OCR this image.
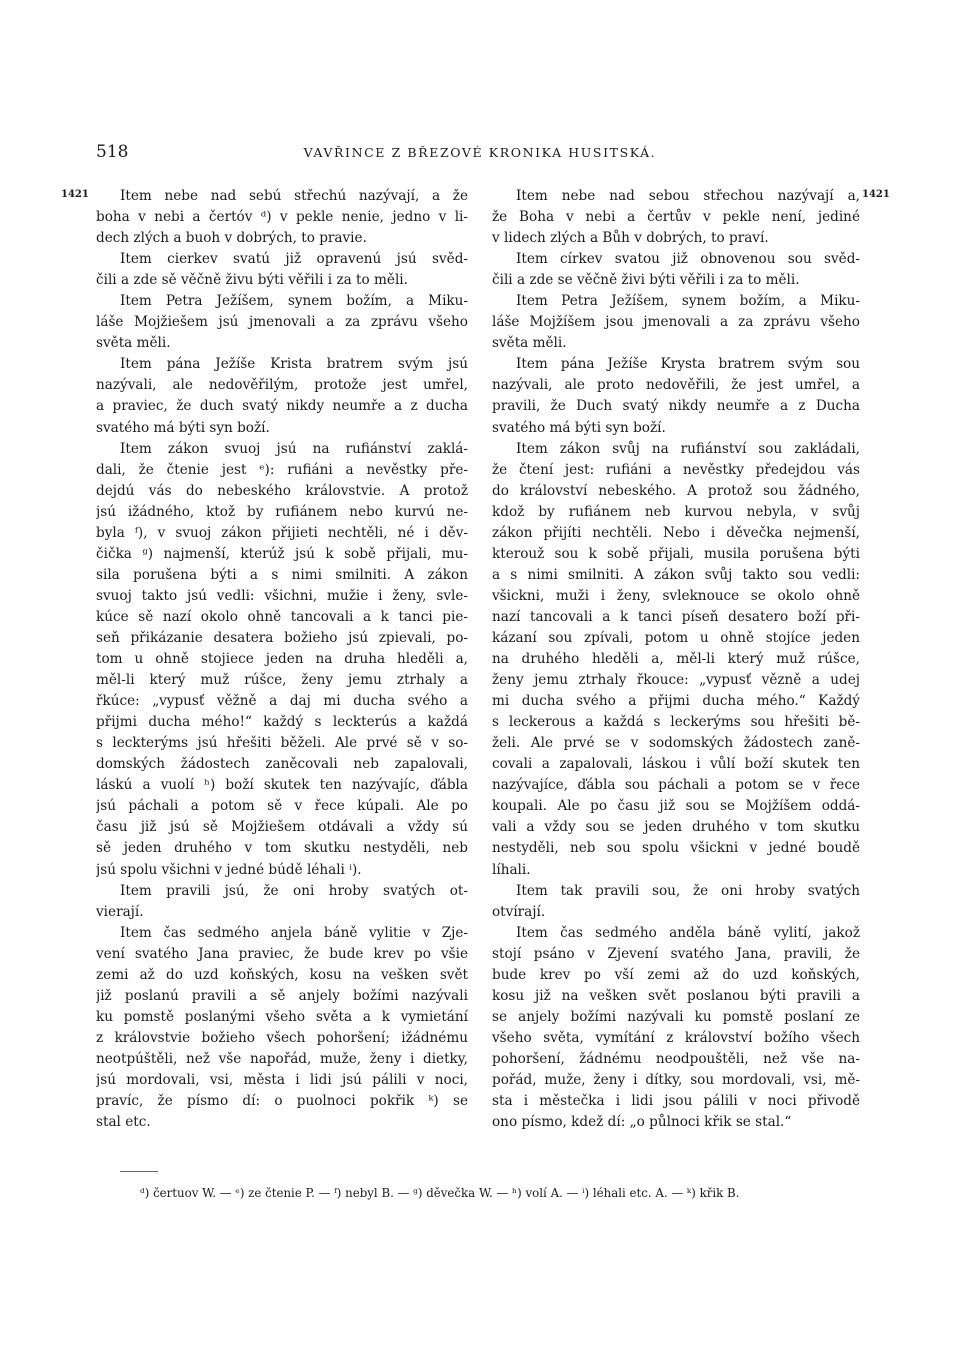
518	VAVŘINCE Z BŘEZOVÉ KRONIKA HUSITSKÁ.
1421	1421
Item nebe nad sebú střechú nazývají, a že
boha v nebi a čertóv ᵈ) v pekle nenie, jedno v li-
dech zlých a buoh v dobrých, to pravie.
Item cierkev svatú již opravenú jsú svěd-
čili a zde sě věčně živu býti věřili i za to měli.
Item Petra Ježíšem, synem božím, a Miku-
láše Mojžiešem jsú jmenovali a za zprávu všeho
světa měli.
Item pána Ježíše Krista bratrem svým jsú
nazývali, ale nedověřilým, protože jest umřel,
a praviec, že duch svatý nikdy neumře a z ducha
svatého má býti syn boží.
Item zákon svuoj jsú na rufiánství zaklá-
dali, že čtenie jest ᵉ): rufiáni a nevěstky pře-
dejdú vás do nebeského královstvie. A protož
jsú ižádného, ktož by rufiánem nebo kurvú ne-
byla ᶠ), v svuoj zákon přijieti nechtěli, né i děv-
čička ᵍ) najmenší, kterúž jsú k sobě přijali, mu-
sila porušena býti a s nimi smilniti. A zákon
svuoj takto jsú vedli: všichni, mužie i ženy, svle-
kúce sě nazí okolo ohně tancovali a k tanci pie-
seň přikázanie desatera božieho jsú zpievali, po-
tom u ohně stojiece jeden na druha hleděli a,
měl-li který muž rúšce, ženy jemu ztrhaly a
řkúce: „vypusť věžně a daj mi ducha svého a
přijmi ducha mého!“ každý s leckterús a každá
s leckterýms jsú hřešiti běželi. Ale prvé sě v so-
domských žádostech zaněcovali neb zapalovali,
láskú a vuolí ʰ) boží skutek ten nazývajíc, ďábla
jsú páchali a potom sě v řece kúpali. Ale po
času již jsú sě Mojžiešem otdávali a vždy sú
sě jeden druhého v tom skutku nestyděli, neb
jsú spolu všichni v jedné búdě léhali ⁱ).
Item pravili jsú, že oni hroby svatých ot-
vierají.
Item čas sedmého anjela báně vylitie v Zje-
vení svatého Jana praviec, že bude krev po všie
zemi až do uzd koňských, kosu na vešken svět
již poslanú pravili a sě anjely božími nazývali
ku pomstě poslanými všeho světa a k vymietání
z královstvie božieho všech pohoršení; ižádnému
neotpúštěli, než vše napořád, muže, ženy i dietky,
jsú mordovali, vsi, města i lidi jsú pálili v noci,
pravíc, že písmo dí: o puolnoci pokřik ᵏ) se
stal etc.
Item nebe nad sebou střechou nazývají a,
že Boha v nebi a čertův v pekle není, jediné
v lidech zlých a Bůh v dobrých, to praví.
Item církev svatou již obnovenou sou svěd-
čili a zde se věčně živi býti věřili i za to měli.
Item Petra Ježíšem, synem božím, a Miku-
láše Mojžíšem jsou jmenovali a za zprávu všeho
světa měli.
Item pána Ježíše Krysta bratrem svým sou
nazývali, ale proto nedověřili, že jest umřel, a
pravili, že Duch svatý nikdy neumře a z Ducha
svatého má býti syn boží.
Item zákon svůj na rufiánství sou zakládali,
že čtení jest: rufiáni a nevěstky předejdou vás
do království nebeského. A protož sou žádného,
kdož by rufiánem neb kurvou nebyla, v svůj
zákon přijíti nechtěli. Nebo i děvečka nejmenší,
kterouž sou k sobě přijali, musila porušena býti
a s nimi smilniti. A zákon svůj takto sou vedli:
všickni, muži i ženy, svleknouce se okolo ohně
nazí tancovali a k tanci píseň desatero boží při-
kázaní sou zpívali, potom u ohně stojíce jeden
na druhého hleděli a, měl-li který muž rúšce,
ženy jemu ztrhaly řkouce: „vypusť vězně a udej
mi ducha svého a přijmi ducha mého.“ Každý
s leckerous a každá s leckerýms sou hřešiti bě-
želi. Ale prvé se v sodomských žádostech zaně-
covali a zapalovali, láskou i vůlí boží skutek ten
nazývajíce, ďábla sou páchali a potom se v řece
koupali. Ale po času již sou se Mojžíšem oddá-
vali a vždy sou se jeden druhého v tom skutku
nestyděli, neb sou spolu všickni v jedné boudě
líhali.
Item tak pravili sou, že oni hroby svatých
otvírají.
Item čas sedmého anděla báně vylití, jakož
stojí psáno v Zjevení svatého Jana, pravili, že
bude krev po vší zemi až do uzd koňských,
kosu již na vešken svět poslanou býti pravili a
se anjely božími nazývali ku pomstě poslaní ze
všeho světa, vymítání z království božího všech
pohoršení, žádnému neodpouštěli, než vše na-
pořád, muže, ženy i dítky, sou mordovali, vsi, mě-
sta i městečka i lidi jsou pálili v noci přivodě
ono písmo, kdež dí: „o půlnoci křik se stal.“
ᵈ) čertuov W. — ᵉ) ze čtenie P. — ᶠ) nebyl B. — ᵍ) děvečka W. — ʰ) volí A. — ⁱ) léhali etc. A. — ᵏ) křik B.
